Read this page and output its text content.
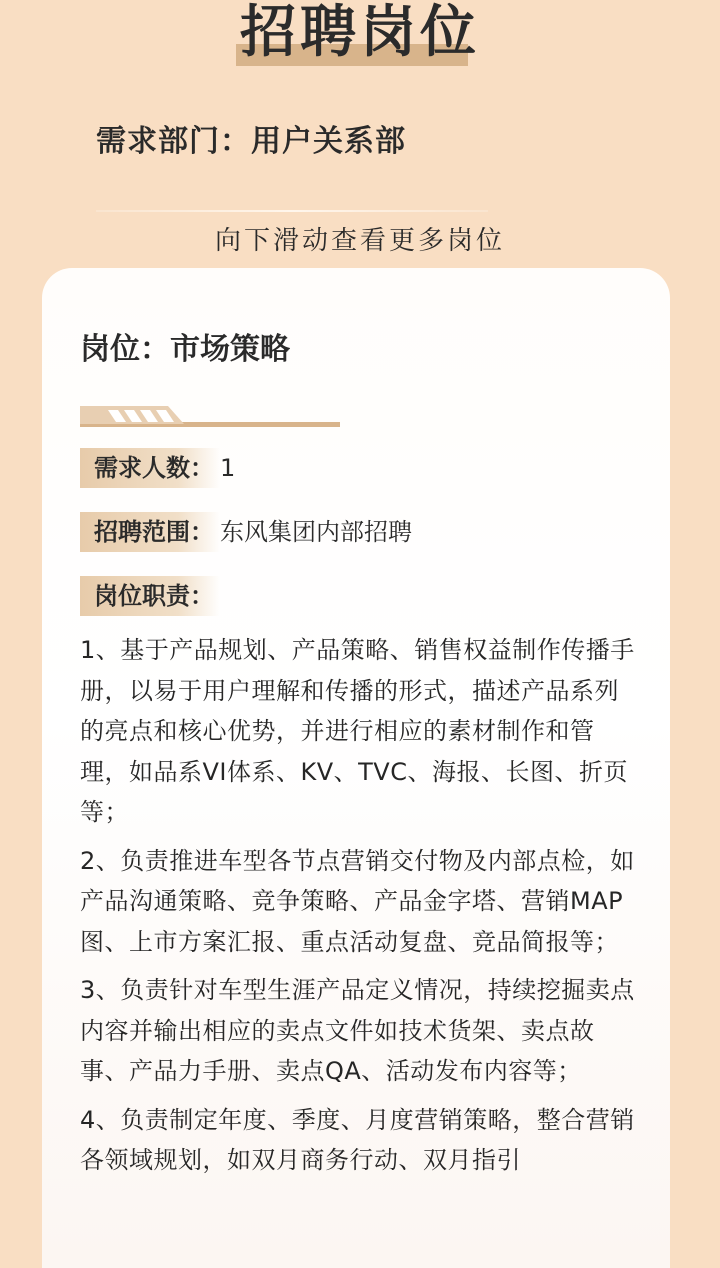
招聘岗位
需求部门：用户关系部
向下滑动查看更多岗位
岗位：市场策略
需求人数： 1
招聘范围： 东风集团内部招聘
岗位职责：

1、基于产品规划、产品策略、销售权益制作传播手册，以易于用户理解和传播的形式，描述产品系列的亮点和核心优势，并进行相应的素材制作和管理，如品系VI体系、KV、TVC、海报、长图、折页等；

2、负责推进车型各节点营销交付物及内部点检，如产品沟通策略、竞争策略、产品金字塔、营销MAP图、上市方案汇报、重点活动复盘、竞品简报等；

3、负责针对车型生涯产品定义情况，持续挖掘卖点内容并输出相应的卖点文件如技术货架、卖点故事、产品力手册、卖点QA、活动发布内容等；

4、负责制定年度、季度、月度营销策略，整合营销各领域规划，如双月商务行动、双月指引
